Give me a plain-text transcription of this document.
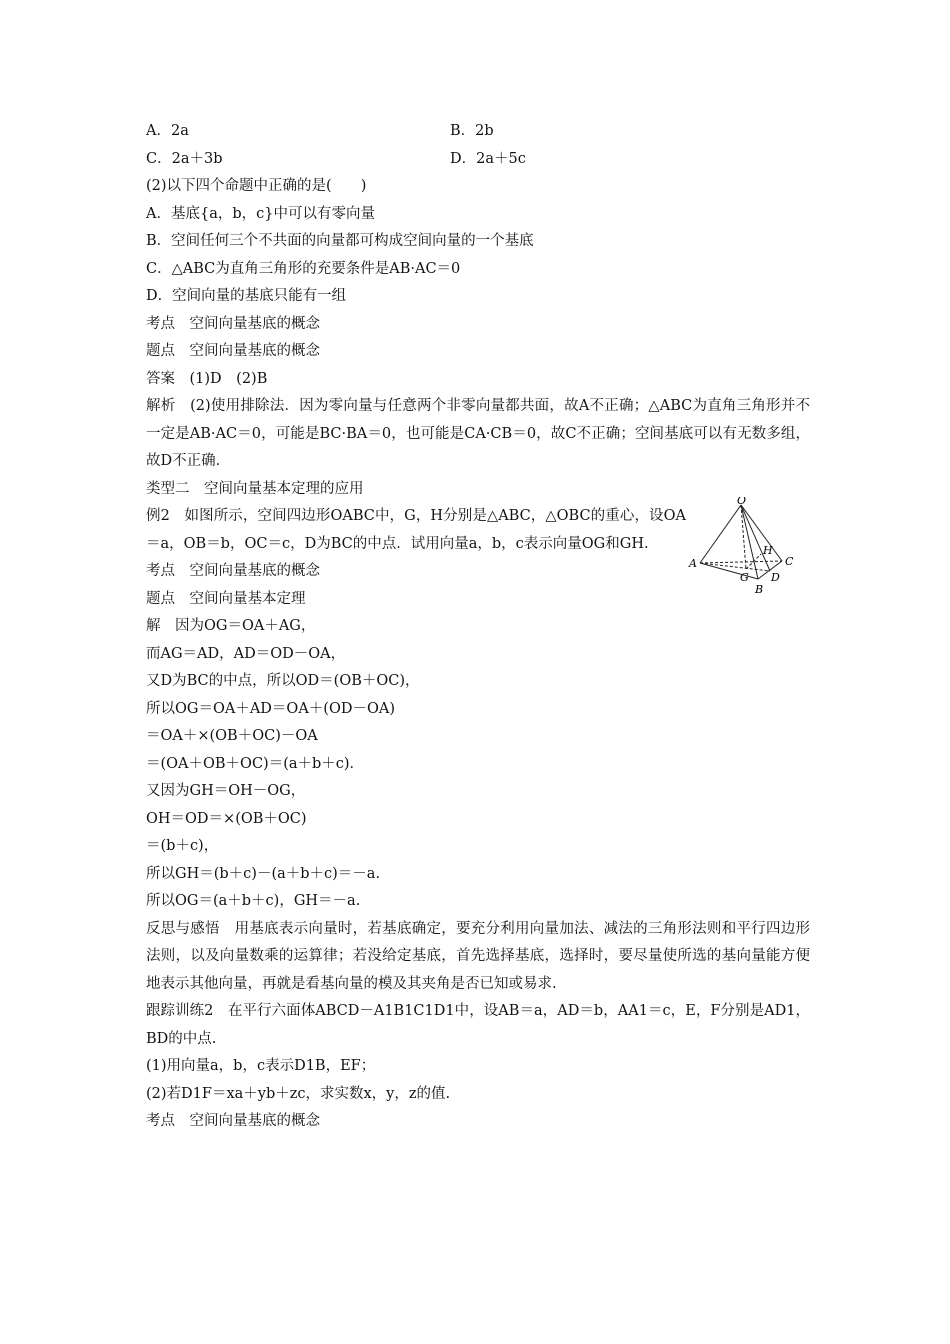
A．2a	B．2b
C．2a＋3b	D．2a＋5c
(2)以下四个命题中正确的是(　　)
A．基底{a，b，c}中可以有零向量
B．空间任何三个不共面的向量都可构成空间向量的一个基底
C．△ABC为直角三角形的充要条件是AB·AC＝0
D．空间向量的基底只能有一组
考点　空间向量基底的概念
题点　空间向量基底的概念
答案　(1)D　(2)B
解析　(2)使用排除法．因为零向量与任意两个非零向量都共面，故A不正确；△ABC为直角三角形并不一定是AB·AC＝0，可能是BC·BA＝0，也可能是CA·CB＝0，故C不正确；空间基底可以有无数多组，故D不正确．
类型二　空间向量基本定理的应用
例2　如图所示，空间四边形OABC中，G，H分别是△ABC，△OBC的重心，设OA＝a，OB＝b，OC＝c，D为BC的中点．试用向量a，b，c表示向量OG和GH.
O
A
B
C
D
G
H
考点　空间向量基底的概念
题点　空间向量基本定理
解　因为OG＝OA＋AG，
而AG＝AD，AD＝OD－OA，
又D为BC的中点，所以OD＝(OB＋OC)，
所以OG＝OA＋AD＝OA＋(OD－OA)
＝OA＋×(OB＋OC)－OA
＝(OA＋OB＋OC)＝(a＋b＋c)．
又因为GH＝OH－OG，
OH＝OD＝×(OB＋OC)
＝(b＋c)，
所以GH＝(b＋c)－(a＋b＋c)＝－a.
所以OG＝(a＋b＋c)，GH＝－a.
反思与感悟　用基底表示向量时，若基底确定，要充分利用向量加法、减法的三角形法则和平行四边形法则，以及向量数乘的运算律；若没给定基底，首先选择基底，选择时，要尽量使所选的基向量能方便地表示其他向量，再就是看基向量的模及其夹角是否已知或易求.
跟踪训练2　在平行六面体ABCD－A1B1C1D1中，设AB＝a，AD＝b，AA1＝c，E，F分别是AD1，BD的中点.
(1)用向量a，b，c表示D1B，EF；
(2)若D1F＝xa＋yb＋zc，求实数x，y，z的值.
考点　空间向量基底的概念
